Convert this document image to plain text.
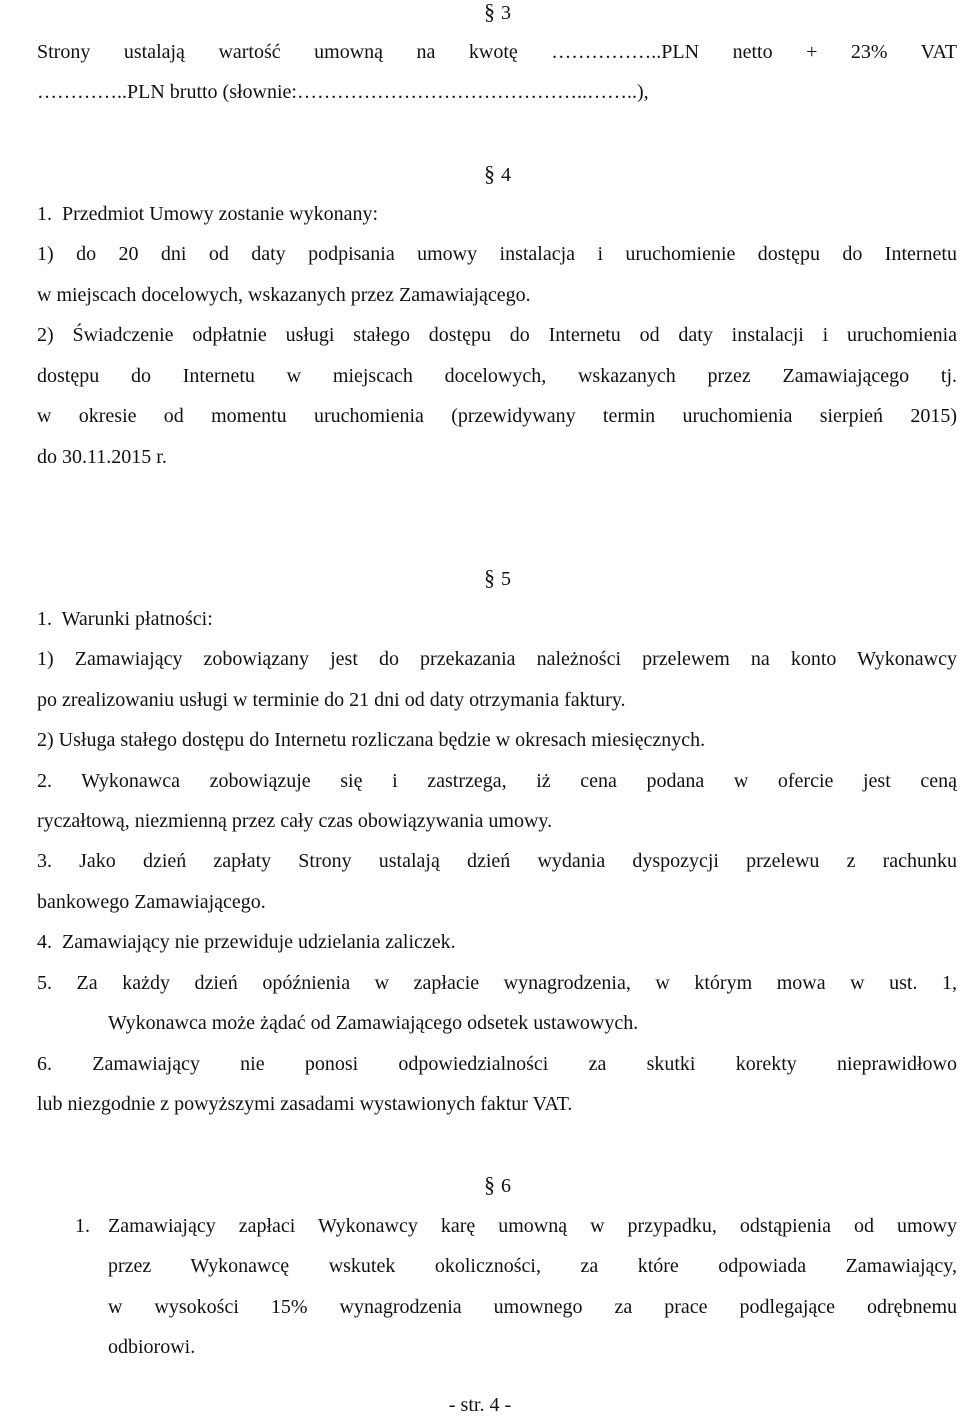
§ 3
Strony ustalają wartość umowną na kwotę ……………..PLN netto + 23% VAT
…………..PLN brutto (słownie:……………………………………..……..),
§ 4
1.  Przedmiot Umowy zostanie wykonany:
1) do 20 dni od daty podpisania umowy instalacja i uruchomienie dostępu do Internetu
w miejscach docelowych, wskazanych przez Zamawiającego.
2) Świadczenie odpłatnie usługi stałego dostępu do Internetu od daty instalacji i uruchomienia
dostępu do Internetu w miejscach docelowych, wskazanych przez Zamawiającego tj.
w okresie od momentu uruchomienia (przewidywany termin uruchomienia sierpień 2015)
do 30.11.2015 r.
§ 5
1.  Warunki płatności:
1) Zamawiający zobowiązany jest do przekazania należności przelewem na konto Wykonawcy
po zrealizowaniu usługi w terminie do 21 dni od daty otrzymania faktury.
2) Usługa stałego dostępu do Internetu rozliczana będzie w okresach miesięcznych.
2. Wykonawca zobowiązuje się i zastrzega, iż cena podana w ofercie jest ceną
ryczałtową, niezmienną przez cały czas obowiązywania umowy.
3. Jako dzień zapłaty Strony ustalają dzień wydania dyspozycji przelewu z rachunku
bankowego Zamawiającego.
4.  Zamawiający nie przewiduje udzielania zaliczek.
5. Za każdy dzień opóźnienia w zapłacie wynagrodzenia, w którym mowa w ust. 1,
Wykonawca może żądać od Zamawiającego odsetek ustawowych.
6. Zamawiający nie ponosi odpowiedzialności za skutki korekty nieprawidłowo
lub niezgodnie z powyższymi zasadami wystawionych faktur VAT.
§ 6
1. Zamawiający zapłaci Wykonawcy karę umowną w przypadku, odstąpienia od umowy
przez Wykonawcę wskutek okoliczności, za które odpowiada Zamawiający,
w wysokości 15% wynagrodzenia umownego za prace podlegające odrębnemu
odbiorowi.
- str. 4 -
